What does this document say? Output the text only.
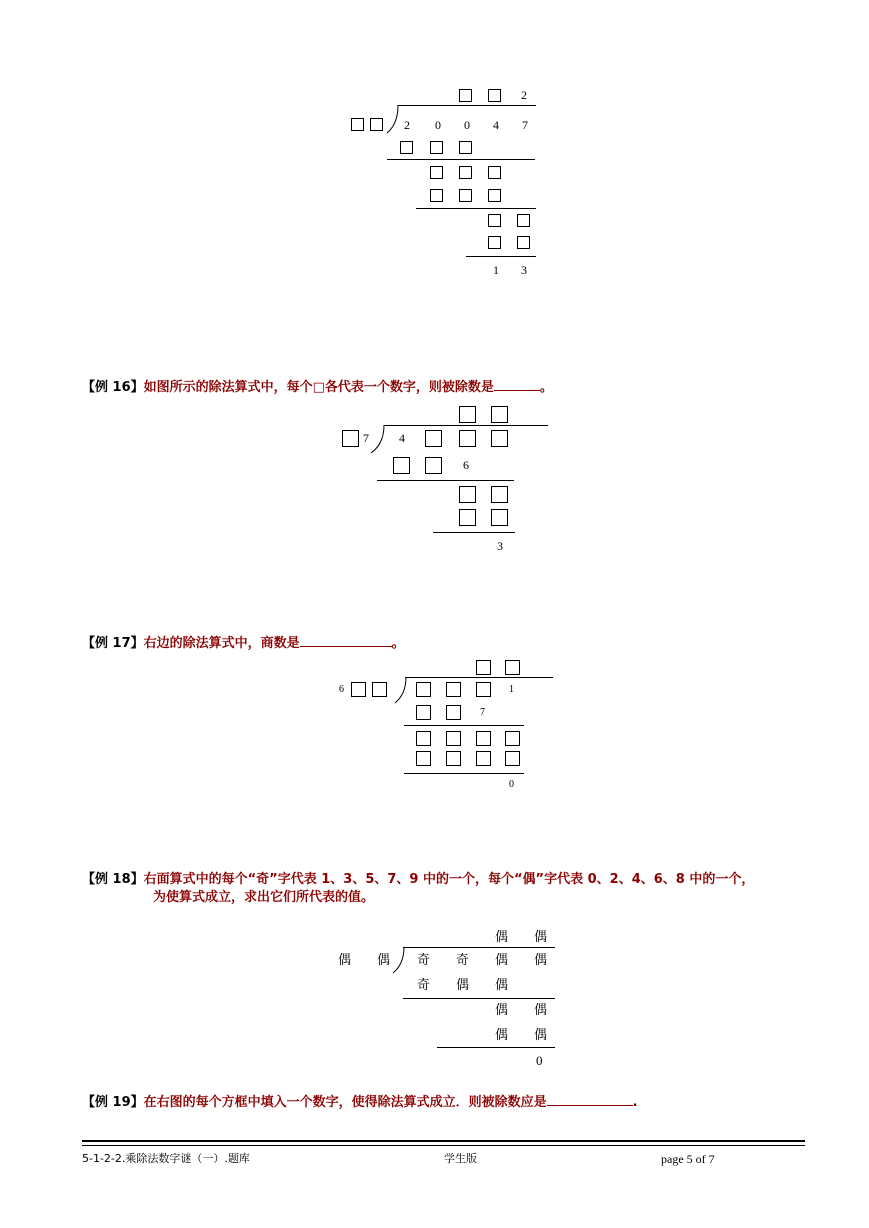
2
2 0 0 4 7
1 3
【例 16】如图所示的除法算式中，每个□各代表一个数字，则被除数是	。
7	4
6
3
【例 17】右边的除法算式中，商数是	。
6	1
7
0
【例 18】右面算式中的每个“奇”字代表 1、3、5、7、9 中的一个，每个“偶”字代表 0、2、4、6、8 中的一个，
为使算式成立，求出它们所代表的值。
偶 偶
偶 偶 奇 奇 偶 偶
奇 偶 偶
偶 偶
偶 偶
0
【例 19】在右图的每个方框中填入一个数字，使得除法算式成立．则被除数应是	.
5-1-2-2.乘除法数字谜（一）.题库	学生版	page 5 of 7
